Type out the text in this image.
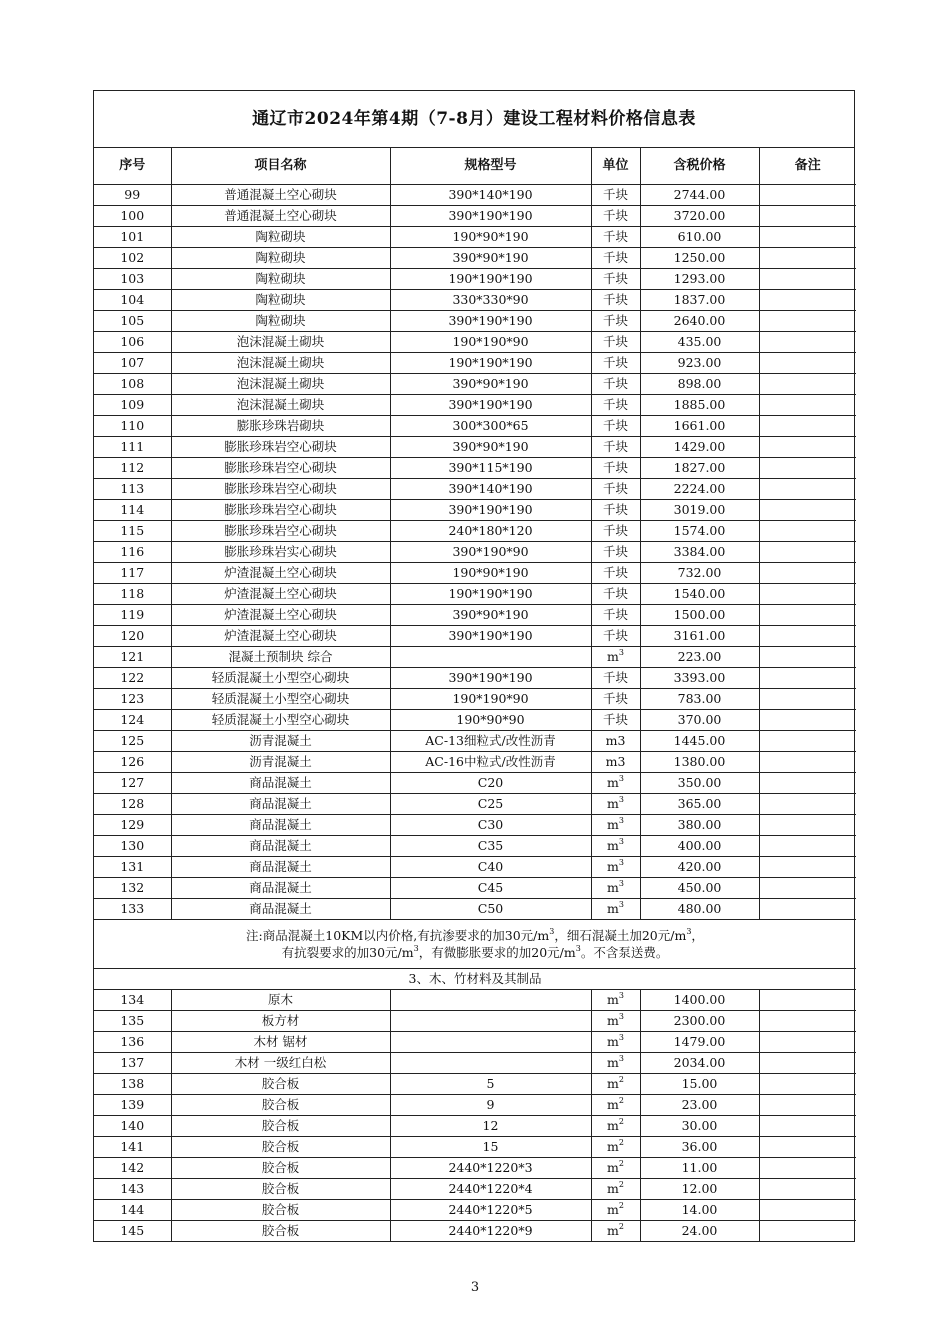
通辽市2024年第4期（7-8月）建设工程材料价格信息表
序号	项目名称	规格型号	单位	含税价格	备注
99	普通混凝土空心砌块	390*140*190	千块	2744.00	
100	普通混凝土空心砌块	390*190*190	千块	3720.00	
101	陶粒砌块	190*90*190	千块	610.00	
102	陶粒砌块	390*90*190	千块	1250.00	
103	陶粒砌块	190*190*190	千块	1293.00	
104	陶粒砌块	330*330*90	千块	1837.00	
105	陶粒砌块	390*190*190	千块	2640.00	
106	泡沫混凝土砌块	190*190*90	千块	435.00	
107	泡沫混凝土砌块	190*190*190	千块	923.00	
108	泡沫混凝土砌块	390*90*190	千块	898.00	
109	泡沫混凝土砌块	390*190*190	千块	1885.00	
110	膨胀珍珠岩砌块	300*300*65	千块	1661.00	
111	膨胀珍珠岩空心砌块	390*90*190	千块	1429.00	
112	膨胀珍珠岩空心砌块	390*115*190	千块	1827.00	
113	膨胀珍珠岩空心砌块	390*140*190	千块	2224.00	
114	膨胀珍珠岩空心砌块	390*190*190	千块	3019.00	
115	膨胀珍珠岩空心砌块	240*180*120	千块	1574.00	
116	膨胀珍珠岩实心砌块	390*190*90	千块	3384.00	
117	炉渣混凝土空心砌块	190*90*190	千块	732.00	
118	炉渣混凝土空心砌块	190*190*190	千块	1540.00	
119	炉渣混凝土空心砌块	390*90*190	千块	1500.00	
120	炉渣混凝土空心砌块	390*190*190	千块	3161.00	
121	混凝土预制块 综合		$m^3$	223.00	
122	轻质混凝土小型空心砌块	390*190*190	千块	3393.00	
123	轻质混凝土小型空心砌块	190*190*90	千块	783.00	
124	轻质混凝土小型空心砌块	190*90*90	千块	370.00	
125	沥青混凝土	AC-13细粒式/改性沥青	m3	1445.00	
126	沥青混凝土	AC-16中粒式/改性沥青	m3	1380.00	
127	商品混凝土	C20	$m^3$	350.00	
128	商品混凝土	C25	$m^3$	365.00	
129	商品混凝土	C30	$m^3$	380.00	
130	商品混凝土	C35	$m^3$	400.00	
131	商品混凝土	C40	$m^3$	420.00	
132	商品混凝土	C45	$m^3$	450.00	
133	商品混凝土	C50	$m^3$	480.00	
注:商品混凝土10KM以内价格,有抗渗要求的加30元$/m^3$，细石混凝土加20元$/m^3$，
有抗裂要求的加30元$/m^3$，有微膨胀要求的加20元$/m^3$。不含泵送费。					
3、木、竹材料及其制品					
134	原木		$m^3$	1400.00	
135	板方材		$m^3$	2300.00	
136	木材 锯材		$m^3$	1479.00	
137	木材 一级红白松		$m^3$	2034.00	
138	胶合板	5	$m^2$	15.00	
139	胶合板	9	$m^2$	23.00	
140	胶合板	12	$m^2$	30.00	
141	胶合板	15	$m^2$	36.00	
142	胶合板	2440*1220*3	$m^2$	11.00	
143	胶合板	2440*1220*4	$m^2$	12.00	
144	胶合板	2440*1220*5	$m^2$	14.00	
145	胶合板	2440*1220*9	$m^2$	24.00	
3
